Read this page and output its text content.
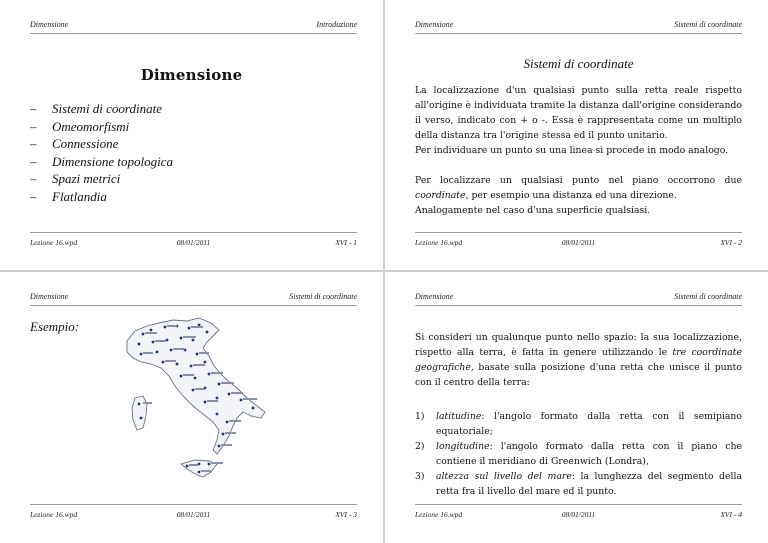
Dimensione	Introduzione
Dimensione
– Sistemi di coordinate
– Omeomorfismi
– Connessione
– Dimensione topologica
– Spazi metrici
– Flatlandia
Lezione 16.wpd	08/01/2011	XVI - 1
Dimensione	Sistemi di coordinate
Sistemi di coordinate

La localizzazione d'un qualsiasi punto sulla retta reale rispetto all'origine è individuata tramite la distanza dall'origine considerando il verso, indicato con + o -. Essa è rappresentata come un multiplo della distanza tra l'origine stessa ed il punto unitario.
Per individuare un punto su una linea si procede in modo analogo.

Per localizzare un qualsiasi punto nel piano occorrono due coordinate, per esempio una distanza ed una direzione.
Analogamente nel caso d'una superficie qualsiasi.

Lezione 16.wpd	08/01/2011	XVI - 2
Dimensione	Sistemi di coordinate
Esempio:
Lezione 16.wpd	08/01/2011	XVI - 3
Dimensione	Sistemi di coordinate

Si consideri un qualunque punto nello spazio: la sua localizzazione, rispetto alla terra, è fatta in genere utilizzando le tre coordinate geografiche, basate sulla posizione d'una retta che unisce il punto con il centro della terra:

1) latitudine: l'angolo formato dalla retta con il semipiano equatoriale;
2) longitudine: l'angolo formato dalla retta con il piano che contiene il meridiano di Greenwich (Londra),
3) altezza sul livello del mare: la lunghezza del segmento della retta fra il livello del mare ed il punto.
Lezione 16.wpd	08/01/2011	XVI - 4
